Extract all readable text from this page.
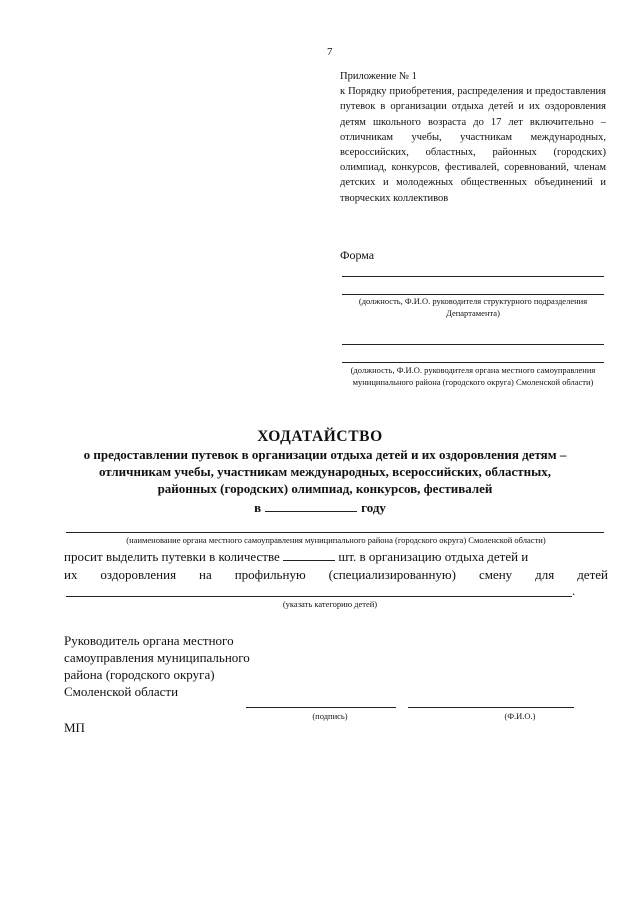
7
Приложение № 1
к Порядку приобретения, распределения и предоставления путевок в организации отдыха детей и их оздоровления детям школьного возраста до 17 лет включительно – отличникам учебы, участникам международных, всероссийских, областных, районных (городских) олимпиад, конкурсов, фестивалей, соревнований, членам детских и молодежных общественных объединений и творческих коллективов
Форма
(должность, Ф.И.О. руководителя структурного подразделения Департамента)
(должность, Ф.И.О. руководителя органа местного самоуправления муниципального района (городского округа) Смоленской области)
ХОДАТАЙСТВО
о предоставлении путевок в организации отдыха детей и их оздоровления детям – отличникам учебы, участникам международных, всероссийских, областных, районных (городских) олимпиад, конкурсов, фестивалей
в	году
(наименование органа местного самоуправления муниципального района (городского округа) Смоленской области)
просит выделить путевки в количестве	шт. в организацию отдыха детей и
их оздоровления на профильную (специализированную) смену для детей
.
(указать категорию детей)
Руководитель органа местного
самоуправления муниципального
района (городского округа)
Смоленской области
(подпись)	(Ф.И.О.)
МП
